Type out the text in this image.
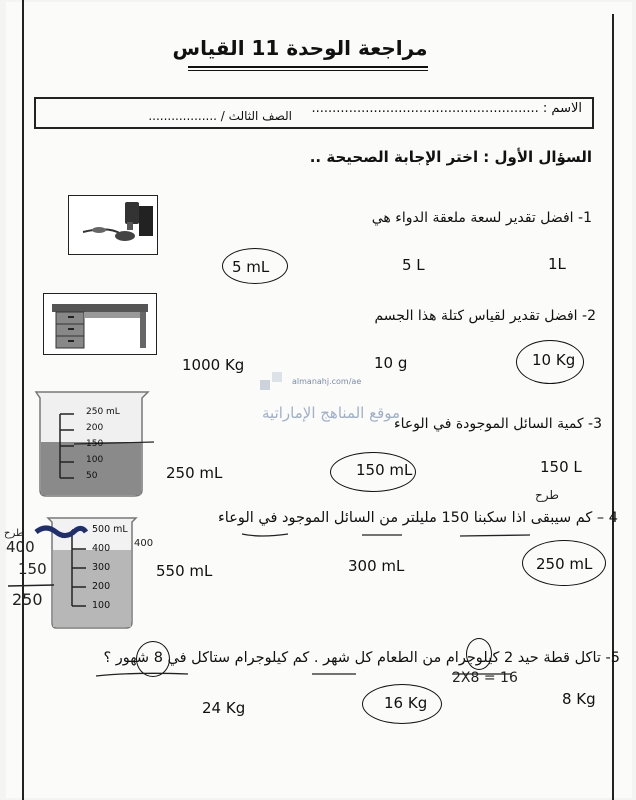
مراجعة الوحدة 11 القياس
الاسم : .......................................................
الصف الثالث / ..................
السؤال الأول : اختر الإجابة الصحيحة ..
almanahj.com/ae
موقع المناهج الإماراتية
1- افضل تقدير لسعة ملعقة الدواء هي
5 mL	5 L	1L
2- افضل تقدير لقياس كتلة هذا الجسم
1000 Kg	10 g	10 Kg
3- كمية السائل الموجودة في الوعاء
250 mL
200
150
100
50	250 mL	150 mL	150 L
4 – كم سيبقى اذا سكبنا 150 مليلتر من السائل الموجود في الوعاء
طرح
500 mL
400
300
200
100
400
400
150
250
طرح
550 mL	300 mL	250 mL
5- تاكل قطة حيد 2 كيلوجرام من الطعام كل شهر . كم كيلوجرام ستاكل في 8 شهور ؟
2X8 = 16
24 Kg	16 Kg	8 Kg
